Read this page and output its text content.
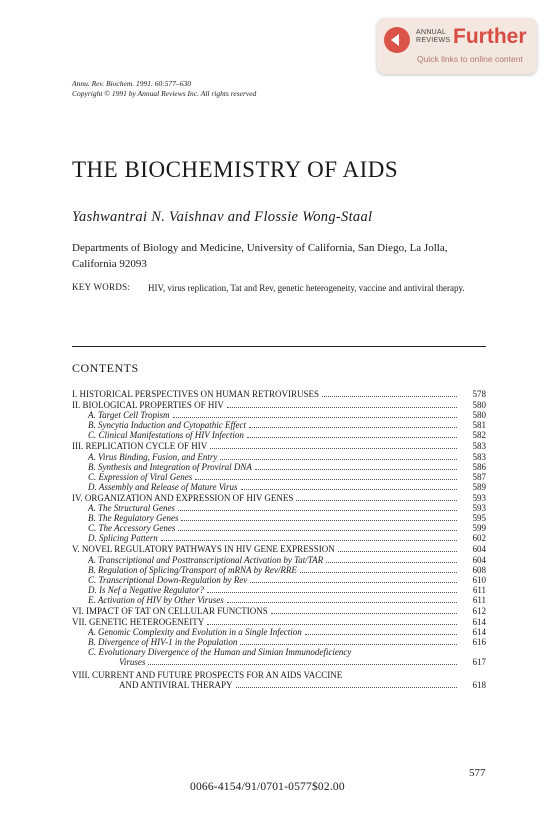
ANNUAL
REVIEWS Further
Quick links to online content
Annu. Rev. Biochem. 1991. 60:577–630
Copyright © 1991 by Annual Reviews Inc. All rights reserved
THE BIOCHEMISTRY OF AIDS
Yashwantrai N. Vaishnav and Flossie Wong-Staal
Departments of Biology and Medicine, University of California, San Diego, La Jolla, California 92093
KEY WORDS: HIV, virus replication, Tat and Rev, genetic heterogeneity, vaccine and antiviral therapy.
CONTENTS
I. HISTORICAL PERSPECTIVES ON HUMAN RETROVIRUSES	578
II. BIOLOGICAL PROPERTIES OF HIV	580
A. Target Cell Tropism	580
B. Syncytia Induction and Cytopathic Effect	581
C. Clinical Manifestations of HIV Infection	582
III. REPLICATION CYCLE OF HIV	583
A. Virus Binding, Fusion, and Entry	583
B. Synthesis and Integration of Proviral DNA	586
C. Expression of Viral Genes	587
D. Assembly and Release of Mature Virus	589
IV. ORGANIZATION AND EXPRESSION OF HIV GENES	593
A. The Structural Genes	593
B. The Regulatory Genes	595
C. The Accessory Genes	599
D. Splicing Pattern	602
V. NOVEL REGULATORY PATHWAYS IN HIV GENE EXPRESSION	604
A. Transcriptional and Posttranscriptional Activation by Tat/TAR	604
B. Regulation of Splicing/Transport of mRNA by Rev/RRE	608
C. Transcriptional Down-Regulation by Rev	610
D. Is Nef a Negative Regulator?	611
E. Activation of HIV by Other Viruses	611
VI. IMPACT OF TAT ON CELLULAR FUNCTIONS	612
VII. GENETIC HETEROGENEITY	614
A. Genomic Complexity and Evolution in a Single Infection	614
B. Divergence of HIV-1 in the Population	616
C. Evolutionary Divergence of the Human and Simian Immunodeficiency
Viruses	617
VIII. CURRENT AND FUTURE PROSPECTS FOR AN AIDS VACCINE
AND ANTIVIRAL THERAPY	618
577
0066-4154/91/0701-0577$02.00
